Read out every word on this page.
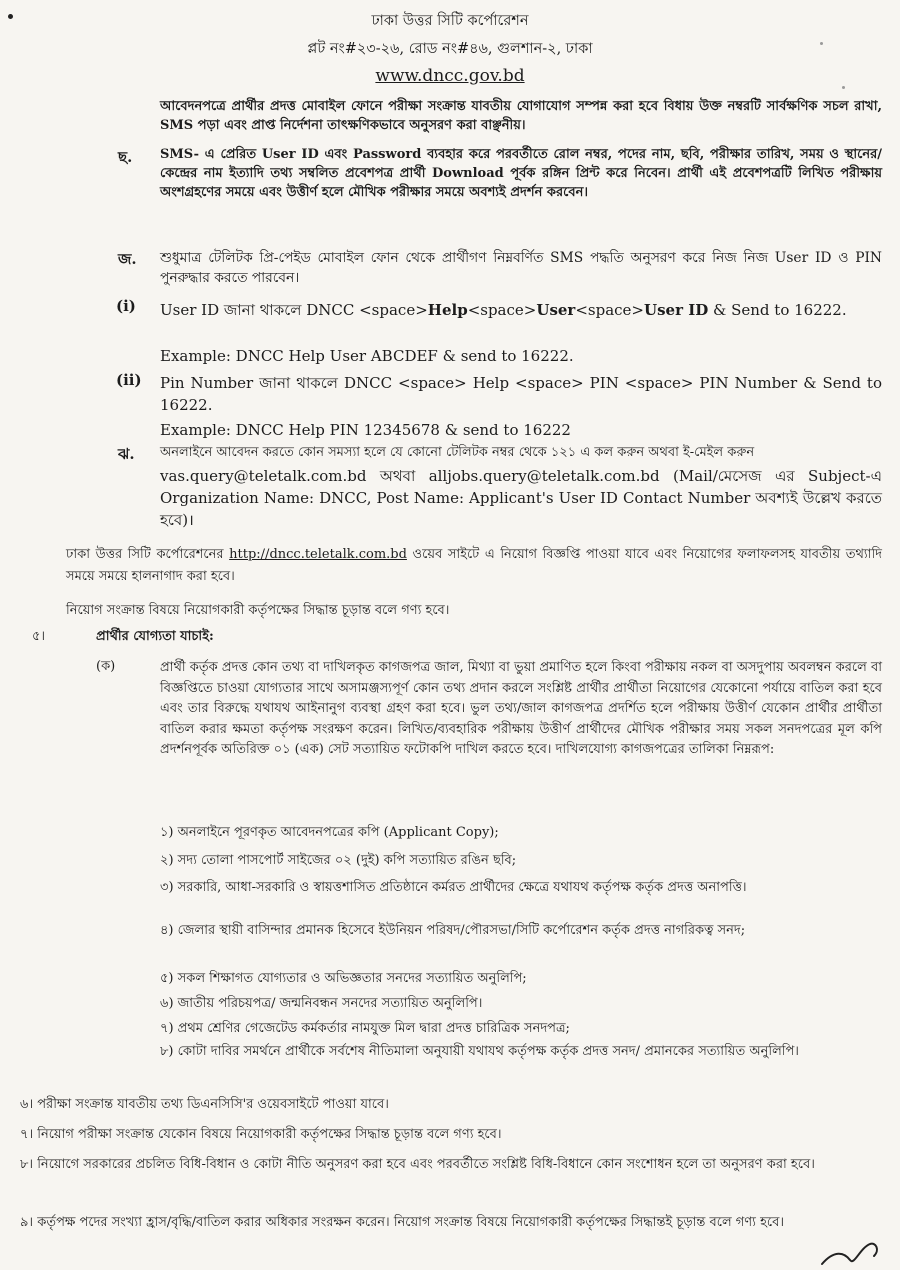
ঢাকা উত্তর সিটি কর্পোরেশন
প্লট নং#২৩-২৬, রোড নং#৪৬, গুলশান-২, ঢাকা
www.dncc.gov.bd
আবেদনপত্রে প্রার্থীর প্রদত্ত মোবাইল ফোনে পরীক্ষা সংক্রান্ত যাবতীয় যোগাযোগ সম্পন্ন করা হবে বিধায় উক্ত নম্বরটি সার্বক্ষণিক সচল রাখা, SMS পড়া এবং প্রাপ্ত নির্দেশনা তাৎক্ষণিকভাবে অনুসরণ করা বাঞ্ছনীয়।
ছ. SMS- এ প্রেরিত User ID এবং Password ব্যবহার করে পরবর্তীতে রোল নম্বর, পদের নাম, ছবি, পরীক্ষার তারিখ, সময় ও স্থানের/কেন্দ্রের নাম ইত্যাদি তথ্য সম্বলিত প্রবেশপত্র প্রার্থী Download পূর্বক রঙ্গিন প্রিন্ট করে নিবেন। প্রার্থী এই প্রবেশপত্রটি লিখিত পরীক্ষায় অংশগ্রহণের সময়ে এবং উত্তীর্ণ হলে মৌখিক পরীক্ষার সময়ে অবশ্যই প্রদর্শন করবেন।
জ. শুধুমাত্র টেলিটক প্রি-পেইড মোবাইল ফোন থেকে প্রার্থীগণ নিম্নবর্ণিত SMS পদ্ধতি অনুসরণ করে নিজ নিজ User ID ও PIN পুনরুদ্ধার করতে পারবেন।
(i) User ID জানা থাকলে DNCC <space>Help<space>User<space>User ID & Send to 16222.
Example: DNCC Help User ABCDEF & send to 16222.
(ii) Pin Number জানা থাকলে DNCC <space> Help <space> PIN <space> PIN Number & Send to 16222.
Example: DNCC Help PIN 12345678 & send to 16222
ঝ. অনলাইনে আবেদন করতে কোন সমস্যা হলে যে কোনো টেলিটক নম্বর থেকে ১২১ এ কল করুন অথবা ই-মেইল করুন
vas.query@teletalk.com.bd অথবা alljobs.query@teletalk.com.bd (Mail/মেসেজ এর Subject-এ Organization Name: DNCC, Post Name: Applicant's User ID Contact Number অবশ্যই উল্লেখ করতে হবে)।
ঢাকা উত্তর সিটি কর্পোরেশনের http://dncc.teletalk.com.bd ওয়েব সাইটে এ নিয়োগ বিজ্ঞপ্তি পাওয়া যাবে এবং নিয়োগের ফলাফলসহ যাবতীয় তথ্যাদি সময়ে সময়ে হালনাগাদ করা হবে।
নিয়োগ সংক্রান্ত বিষয়ে নিয়োগকারী কর্তৃপক্ষের সিদ্ধান্ত চূড়ান্ত বলে গণ্য হবে।
৫।	প্রার্থীর যোগ্যতা যাচাই:
(ক)	প্রার্থী কর্তৃক প্রদত্ত কোন তথ্য বা দাখিলকৃত কাগজপত্র জাল, মিথ্যা বা ভুয়া প্রমাণিত হলে কিংবা পরীক্ষায় নকল বা অসদুপায় অবলম্বন করলে বা বিজ্ঞপ্তিতে চাওয়া যোগ্যতার সাথে অসামঞ্জস্যপূর্ণ কোন তথ্য প্রদান করলে সংশ্লিষ্ট প্রার্থীর প্রার্থীতা নিয়োগের যেকোনো পর্যায়ে বাতিল করা হবে এবং তার বিরুদ্ধে যথাযথ আইনানুগ ব্যবস্থা গ্রহণ করা হবে। ভুল তথ্য/জাল কাগজপত্র প্রদর্শিত হলে পরীক্ষায় উত্তীর্ণ যেকোন প্রার্থীর প্রার্থীতা বাতিল করার ক্ষমতা কর্তৃপক্ষ সংরক্ষণ করেন। লিখিত/ব্যবহারিক পরীক্ষায় উত্তীর্ণ প্রার্থীদের মৌখিক পরীক্ষার সময় সকল সনদপত্রের মূল কপি প্রদর্শনপূর্বক অতিরিক্ত ০১ (এক) সেট সত্যায়িত ফটোকপি দাখিল করতে হবে। দাখিলযোগ্য কাগজপত্রের তালিকা নিম্নরূপ:
১) অনলাইনে পূরণকৃত আবেদনপত্রের কপি (Applicant Copy);
২) সদ্য তোলা পাসপোর্ট সাইজের ০২ (দুই) কপি সত্যায়িত রঙিন ছবি;
৩) সরকারি, আধা-সরকারি ও স্বায়ত্তশাসিত প্রতিষ্ঠানে কর্মরত প্রার্থীদের ক্ষেত্রে যথাযথ কর্তৃপক্ষ কর্তৃক প্রদত্ত অনাপত্তি।
৪) জেলার স্থায়ী বাসিন্দার প্রমানক হিসেবে ইউনিয়ন পরিষদ/পৌরসভা/সিটি কর্পোরেশন কর্তৃক প্রদত্ত নাগরিকত্ব সনদ;
৫) সকল শিক্ষাগত যোগ্যতার ও অভিজ্ঞতার সনদের সত্যায়িত অনুলিপি;
৬) জাতীয় পরিচয়পত্র/ জন্মনিবন্ধন সনদের সত্যায়িত অনুলিপি।
৭) প্রথম শ্রেণির গেজেটেড কর্মকর্তার নামযুক্ত মিল দ্বারা প্রদত্ত চারিত্রিক সনদপত্র;
৮) কোটা দাবির সমর্থনে প্রার্থীকে সর্বশেষ নীতিমালা অনুযায়ী যথাযথ কর্তৃপক্ষ কর্তৃক প্রদত্ত সনদ/ প্রমানকের সত্যায়িত অনুলিপি।
৬। পরীক্ষা সংক্রান্ত যাবতীয় তথ্য ডিএনসিসি'র ওয়েবসাইটে পাওয়া যাবে।
৭। নিয়োগ পরীক্ষা সংক্রান্ত যেকোন বিষয়ে নিয়োগকারী কর্তৃপক্ষের সিদ্ধান্ত চূড়ান্ত বলে গণ্য হবে।
৮। নিয়োগে সরকারের প্রচলিত বিধি-বিধান ও কোটা নীতি অনুসরণ করা হবে এবং পরবর্তীতে সংশ্লিষ্ট বিধি-বিধানে কোন সংশোধন হলে তা অনুসরণ করা হবে।
৯। কর্তৃপক্ষ পদের সংখ্যা হ্রাস/বৃদ্ধি/বাতিল করার অধিকার সংরক্ষন করেন। নিয়োগ সংক্রান্ত বিষয়ে নিয়োগকারী কর্তৃপক্ষের সিদ্ধান্তই চূড়ান্ত বলে গণ্য হবে।
